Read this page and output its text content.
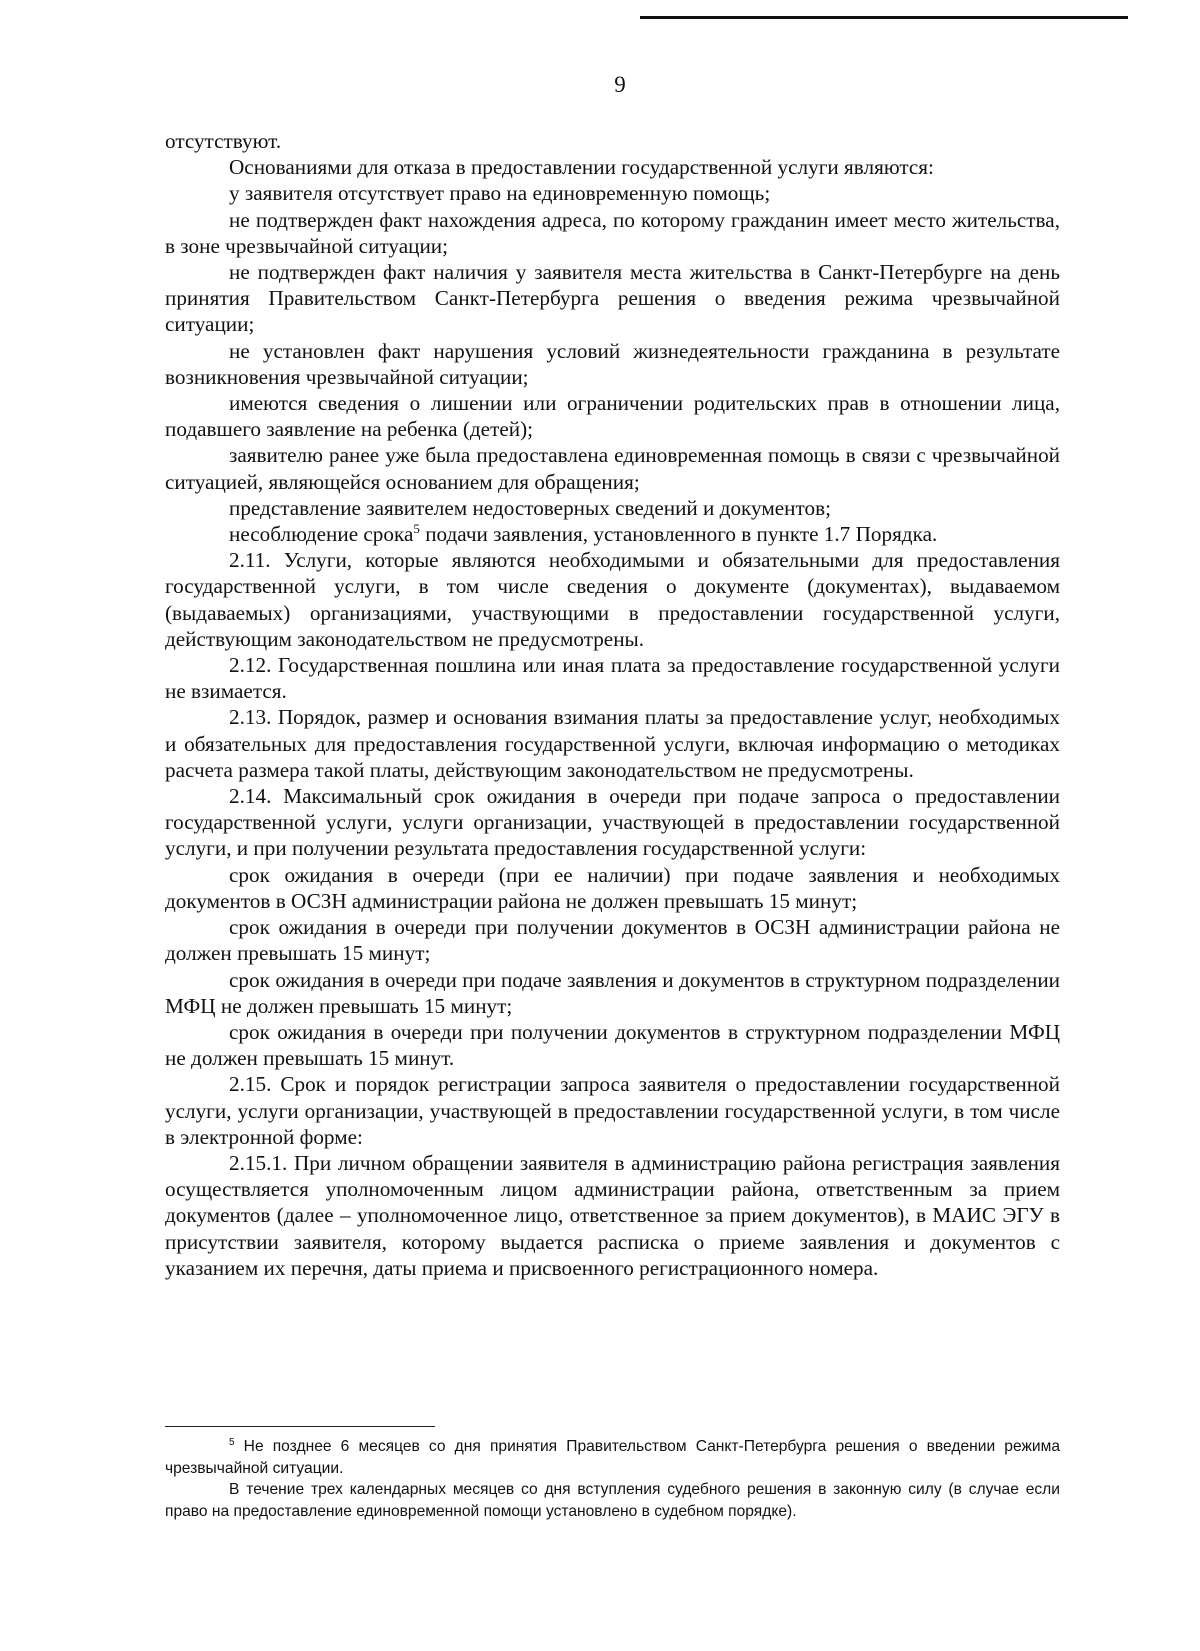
9

отсутствуют.

Основаниями для отказа в предоставлении государственной услуги являются:

у заявителя отсутствует право на единовременную помощь;

не подтвержден факт нахождения адреса, по которому гражданин имеет место жительства, в зоне чрезвычайной ситуации;

не подтвержден факт наличия у заявителя места жительства в Санкт-Петербурге на день принятия Правительством Санкт-Петербурга решения о введения режима чрезвычайной ситуации;

не установлен факт нарушения условий жизнедеятельности гражданина в результате возникновения чрезвычайной ситуации;

имеются сведения о лишении или ограничении родительских прав в отношении лица, подавшего заявление на ребенка (детей);

заявителю ранее уже была предоставлена единовременная помощь в связи с чрезвычайной ситуацией, являющейся основанием для обращения;

представление заявителем недостоверных сведений и документов;

несоблюдение срока$^5$ подачи заявления, установленного в пункте 1.7 Порядка.

2.11. Услуги, которые являются необходимыми и обязательными для предоставления государственной услуги, в том числе сведения о документе (документах), выдаваемом (выдаваемых) организациями, участвующими в предоставлении государственной услуги, действующим законодательством не предусмотрены.

2.12. Государственная пошлина или иная плата за предоставление государственной услуги не взимается.

2.13. Порядок, размер и основания взимания платы за предоставление услуг, необходимых и обязательных для предоставления государственной услуги, включая информацию о методиках расчета размера такой платы, действующим законодательством не предусмотрены.

2.14. Максимальный срок ожидания в очереди при подаче запроса о предоставлении государственной услуги, услуги организации, участвующей в предоставлении государственной услуги, и при получении результата предоставления государственной услуги:

срок ожидания в очереди (при ее наличии) при подаче заявления и необходимых документов в ОСЗН администрации района не должен превышать 15 минут;

срок ожидания в очереди при получении документов в ОСЗН администрации района не должен превышать 15 минут;

срок ожидания в очереди при подаче заявления и документов в структурном подразделении МФЦ не должен превышать 15 минут;

срок ожидания в очереди при получении документов в структурном подразделении МФЦ не должен превышать 15 минут.

2.15. Срок и порядок регистрации запроса заявителя о предоставлении государственной услуги, услуги организации, участвующей в предоставлении государственной услуги, в том числе в электронной форме:

2.15.1. При личном обращении заявителя в администрацию района регистрация заявления осуществляется уполномоченным лицом администрации района, ответственным за прием документов (далее – уполномоченное лицо, ответственное за прием документов), в МАИС ЭГУ в присутствии заявителя, которому выдается расписка о приеме заявления и документов с указанием их перечня, даты приема и присвоенного регистрационного номера.

$^5$ Не позднее 6 месяцев со дня принятия Правительством Санкт-Петербурга решения о введении режима чрезвычайной ситуации.

В течение трех календарных месяцев со дня вступления судебного решения в законную силу (в случае если право на предоставление единовременной помощи установлено в судебном порядке).
